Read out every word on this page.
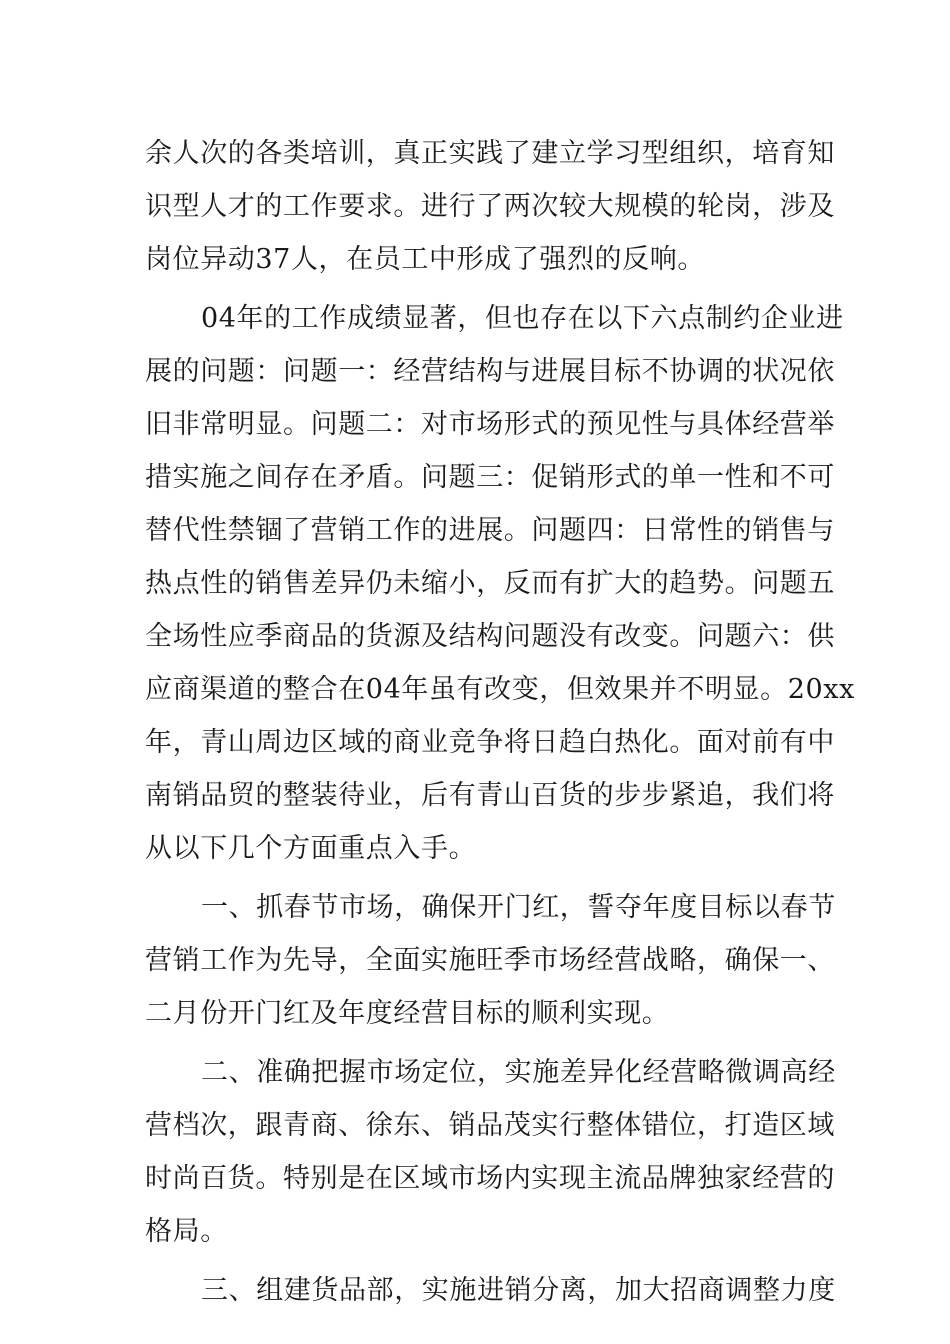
余人次的各类培训，真正实践了建立学习型组织，培育知
识型人才的工作要求。进行了两次较大规模的轮岗，涉及
岗位异动37人，在员工中形成了强烈的反响。
04年的工作成绩显著，但也存在以下六点制约企业进
展的问题：问题一：经营结构与进展目标不协调的状况依
旧非常明显。问题二：对市场形式的预见性与具体经营举
措实施之间存在矛盾。问题三：促销形式的单一性和不可
替代性禁锢了营销工作的进展。问题四：日常性的销售与
热点性的销售差异仍未缩小，反而有扩大的趋势。问题五
全场性应季商品的货源及结构问题没有改变。问题六：供
应商渠道的整合在04年虽有改变，但效果并不明显。20xx
年，青山周边区域的商业竞争将日趋白热化。面对前有中
南销品贸的整装待业，后有青山百货的步步紧追，我们将
从以下几个方面重点入手。
一、抓春节市场，确保开门红，誓夺年度目标以春节
营销工作为先导，全面实施旺季市场经营战略，确保一、
二月份开门红及年度经营目标的顺利实现。
二、准确把握市场定位，实施差异化经营略微调高经
营档次，跟青商、徐东、销品茂实行整体错位，打造区域
时尚百货。特别是在区域市场内实现主流品牌独家经营的
格局。
三、组建货品部，实施进销分离，加大招商调整力度
